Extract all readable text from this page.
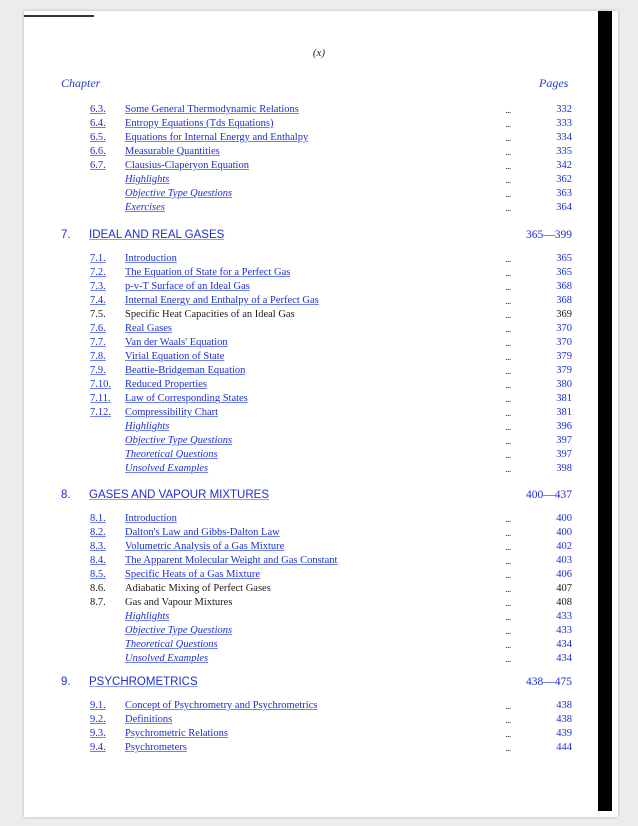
(x)
Chapter	Pages
6.3.	Some General Thermodynamic Relations	...	332
6.4.	Entropy Equations (Tds Equations)	...	333
6.5.	Equations for Internal Energy and Enthalpy	...	334
6.6.	Measurable Quantities	...	335
6.7.	Clausius-Claperyon Equation	...	342
Highlights	...	362
Objective Type Questions	...	363
Exercises	...	364
7. IDEAL AND REAL GASES	365—399
7.1.	Introduction	...	365
7.2.	The Equation of State for a Perfect Gas	...	365
7.3.	p-v-T Surface of an Ideal Gas	...	368
7.4.	Internal Energy and Enthalpy of a Perfect Gas	...	368
7.5.	Specific Heat Capacities of an Ideal Gas	...	369
7.6.	Real Gases	...	370
7.7.	Van der Waals' Equation	...	370
7.8.	Virial Equation of State	...	379
7.9.	Beattie-Bridgeman Equation	...	379
7.10.	Reduced Properties	...	380
7.11.	Law of Corresponding States	...	381
7.12.	Compressibility Chart	...	381
Highlights	...	396
Objective Type Questions	...	397
Theoretical Questions	...	397
Unsolved Examples	...	398
8. GASES AND VAPOUR MIXTURES	400—437
8.1.	Introduction	...	400
8.2.	Dalton's Law and Gibbs-Dalton Law	...	400
8.3.	Volumetric Analysis of a Gas Mixture	...	402
8.4.	The Apparent Molecular Weight and Gas Constant	...	403
8.5.	Specific Heats of a Gas Mixture	...	406
8.6.	Adiabatic Mixing of Perfect Gases	...	407
8.7.	Gas and Vapour Mixtures	...	408
Highlights	...	433
Objective Type Questions	...	433
Theoretical Questions	...	434
Unsolved Examples	...	434
9. PSYCHROMETRICS	438—475
9.1.	Concept of Psychrometry and Psychrometrics	...	438
9.2.	Definitions	...	438
9.3.	Psychrometric Relations	...	439
9.4.	Psychrometers	...	444
